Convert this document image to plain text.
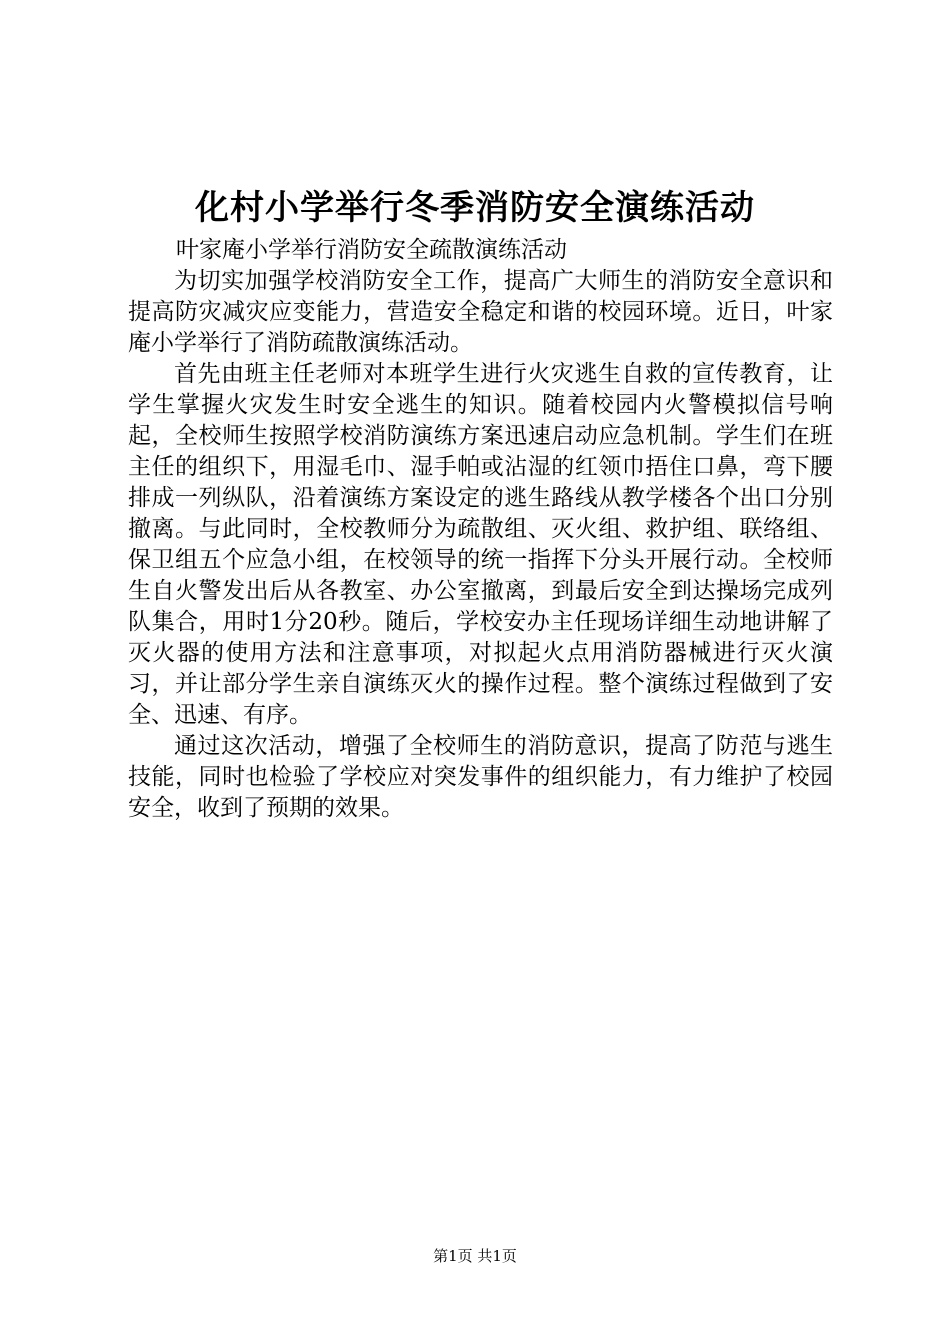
化村小学举行冬季消防安全演练活动

叶家庵小学举行消防安全疏散演练活动

为切实加强学校消防安全工作，提高广大师生的消防安全意识和提高防灾减灾应变能力，营造安全稳定和谐的校园环境。近日，叶家庵小学举行了消防疏散演练活动。

首先由班主任老师对本班学生进行火灾逃生自救的宣传教育，让学生掌握火灾发生时安全逃生的知识。随着校园内火警模拟信号响起，全校师生按照学校消防演练方案迅速启动应急机制。学生们在班主任的组织下，用湿毛巾、湿手帕或沾湿的红领巾捂住口鼻，弯下腰排成一列纵队，沿着演练方案设定的逃生路线从教学楼各个出口分别撤离。与此同时，全校教师分为疏散组、灭火组、救护组、联络组、保卫组五个应急小组，在校领导的统一指挥下分头开展行动。全校师生自火警发出后从各教室、办公室撤离，到最后安全到达操场完成列队集合，用时1分20秒。随后，学校安办主任现场详细生动地讲解了灭火器的使用方法和注意事项，对拟起火点用消防器械进行灭火演习，并让部分学生亲自演练灭火的操作过程。整个演练过程做到了安全、迅速、有序。

通过这次活动，增强了全校师生的消防意识，提高了防范与逃生技能，同时也检验了学校应对突发事件的组织能力，有力维护了校园安全，收到了预期的效果。

第1页 共1页
